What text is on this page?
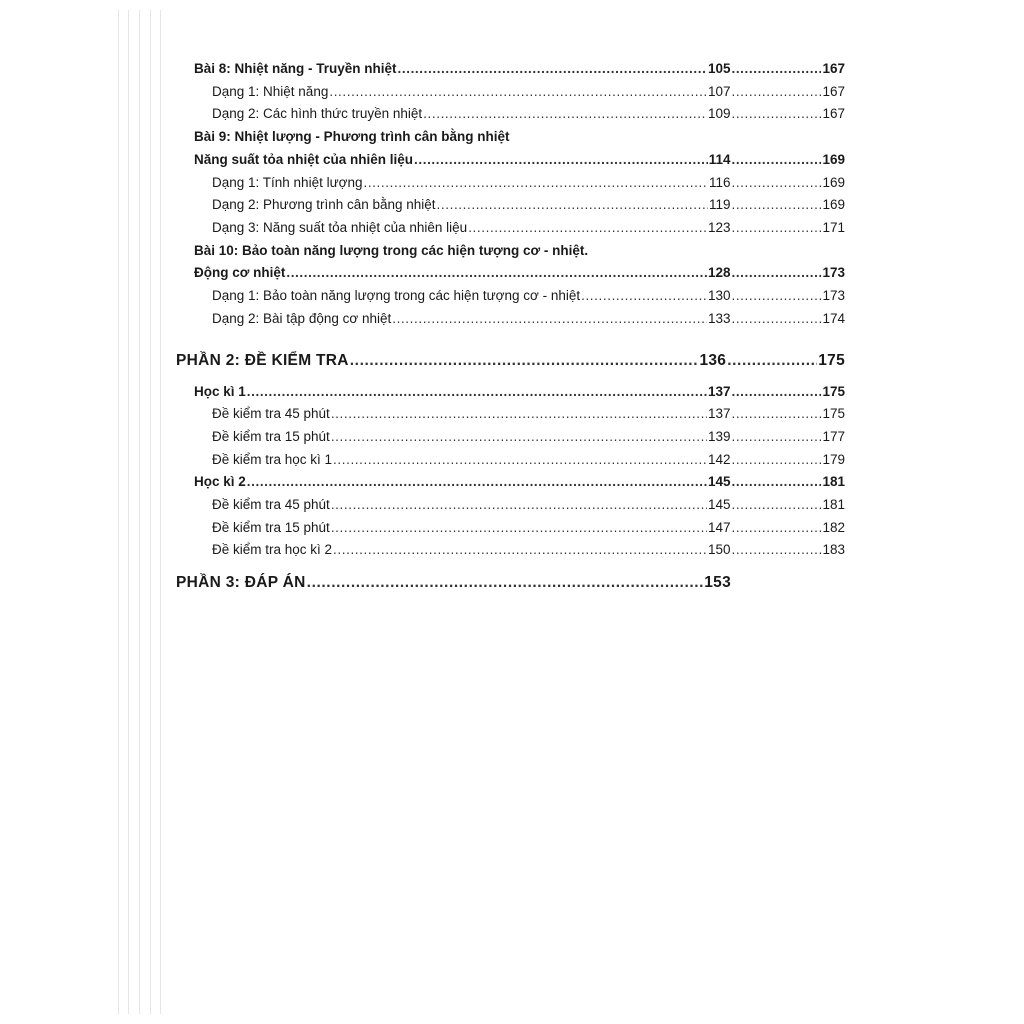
Bài 8: Nhiệt năng - Truyền nhiệt .....	105 .....	167
Dạng 1: Nhiệt năng .....	107 .....	167
Dạng 2: Các hình thức truyền nhiệt .....	109 .....	167
Bài 9: Nhiệt lượng - Phương trình cân bằng nhiệt
Năng suất tỏa nhiệt của nhiên liệu .....	114 .....	169
Dạng 1: Tính nhiệt lượng .....	116 .....	169
Dạng 2: Phương trình cân bằng nhiệt .....	119 .....	169
Dạng 3: Năng suất tỏa nhiệt của nhiên liệu .....	123 .....	171
Bài 10: Bảo toàn năng lượng trong các hiện tượng cơ - nhiệt.
Động cơ nhiệt .....	128 .....	173
Dạng 1: Bảo toàn năng lượng trong các hiện tượng cơ - nhiệt .....	130 .....	173
Dạng 2: Bài tập động cơ nhiệt .....	133 .....	174
PHẦN 2: ĐỀ KIỂM TRA .....	136 .....	175
Học kì 1 .....	137 .....	175
Đề kiểm tra 45 phút .....	137 .....	175
Đề kiểm tra 15 phút .....	139 .....	177
Đề kiểm tra học kì 1 .....	142 .....	179
Học kì 2 .....	145 .....	181
Đề kiểm tra 45 phút .....	145 .....	181
Đề kiểm tra 15 phút .....	147 .....	182
Đề kiểm tra học kì 2 .....	150 .....	183
PHẦN 3: ĐÁP ÁN .....	153
